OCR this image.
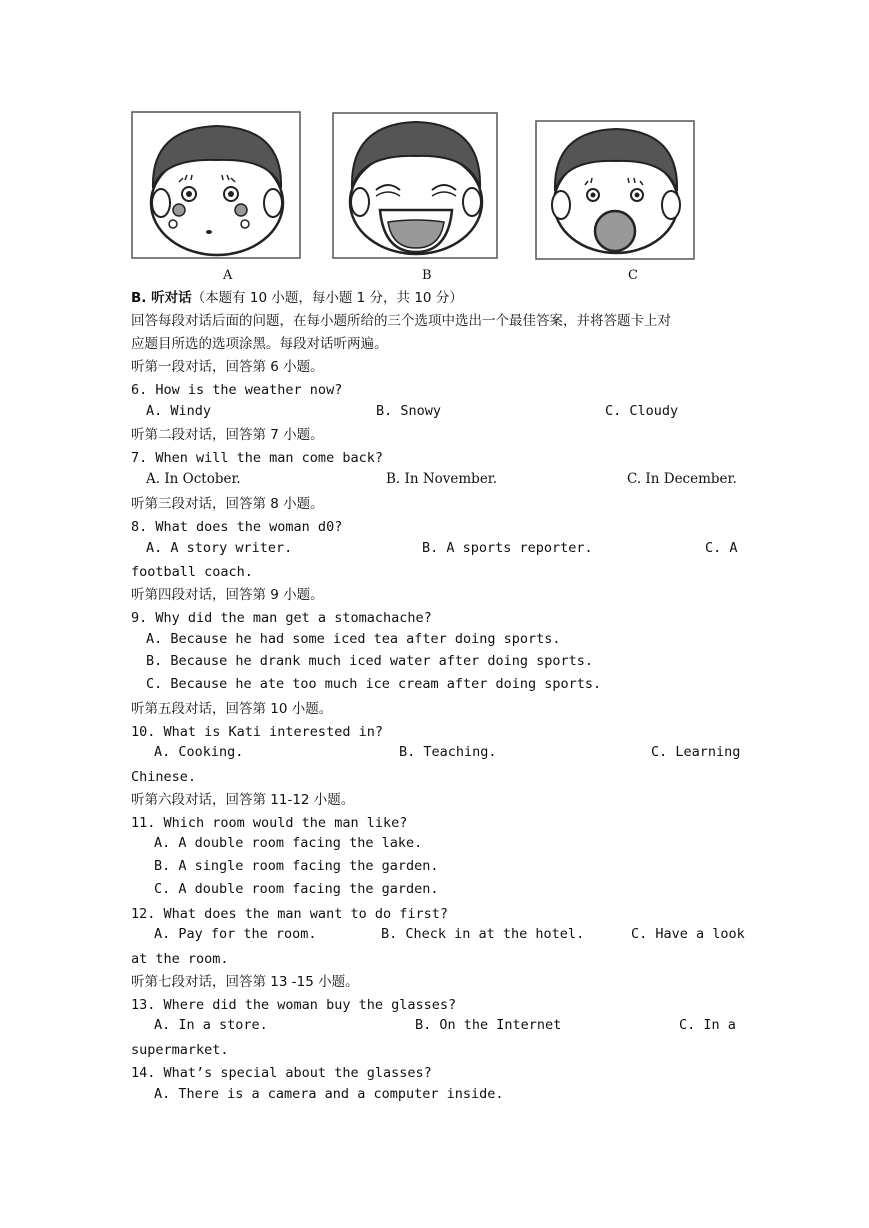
A	B	C
B. 听对话（本题有 10 小题，每小题 1 分，共 10 分）
回答每段对话后面的问题，在每小题所给的三个选项中选出一个最佳答案，并将答题卡上对
应题目所选的选项涂黑。每段对话听两遍。
听第一段对话，回答第 6 小题。
6. How is the weather now?
A. Windy	B. Snowy	C. Cloudy
听第二段对话，回答第 7 小题。
7. When will the man come back?
A. In October.	B. In November.	C. In December.
听第三段对话，回答第 8 小题。
8. What does the woman d0?
A. A story writer.	B. A sports reporter.	C. A
football coach.
听第四段对话，回答第 9 小题。
9. Why did the man get a stomachache?
A. Because he had some iced tea after doing sports.
B. Because he drank much iced water after doing sports.
C. Because he ate too much ice cream after doing sports.
听第五段对话，回答第 10 小题。
10. What is Kati interested in?
A. Cooking.	B. Teaching.	C. Learning
Chinese.
听第六段对话，回答第 11-12 小题。
11. Which room would the man like?
A. A double room facing the lake.
B. A single room facing the garden.
C. A double room facing the garden.
12. What does the man want to do first?
A. Pay for the room.	B. Check in at the hotel.	C. Have a look
at the room.
听第七段对话，回答第 13 -15 小题。
13. Where did the woman buy the glasses?
A. In a store.	B. On the Internet	C. In a
supermarket.
14. What’s special about the glasses?
A. There is a camera and a computer inside.
